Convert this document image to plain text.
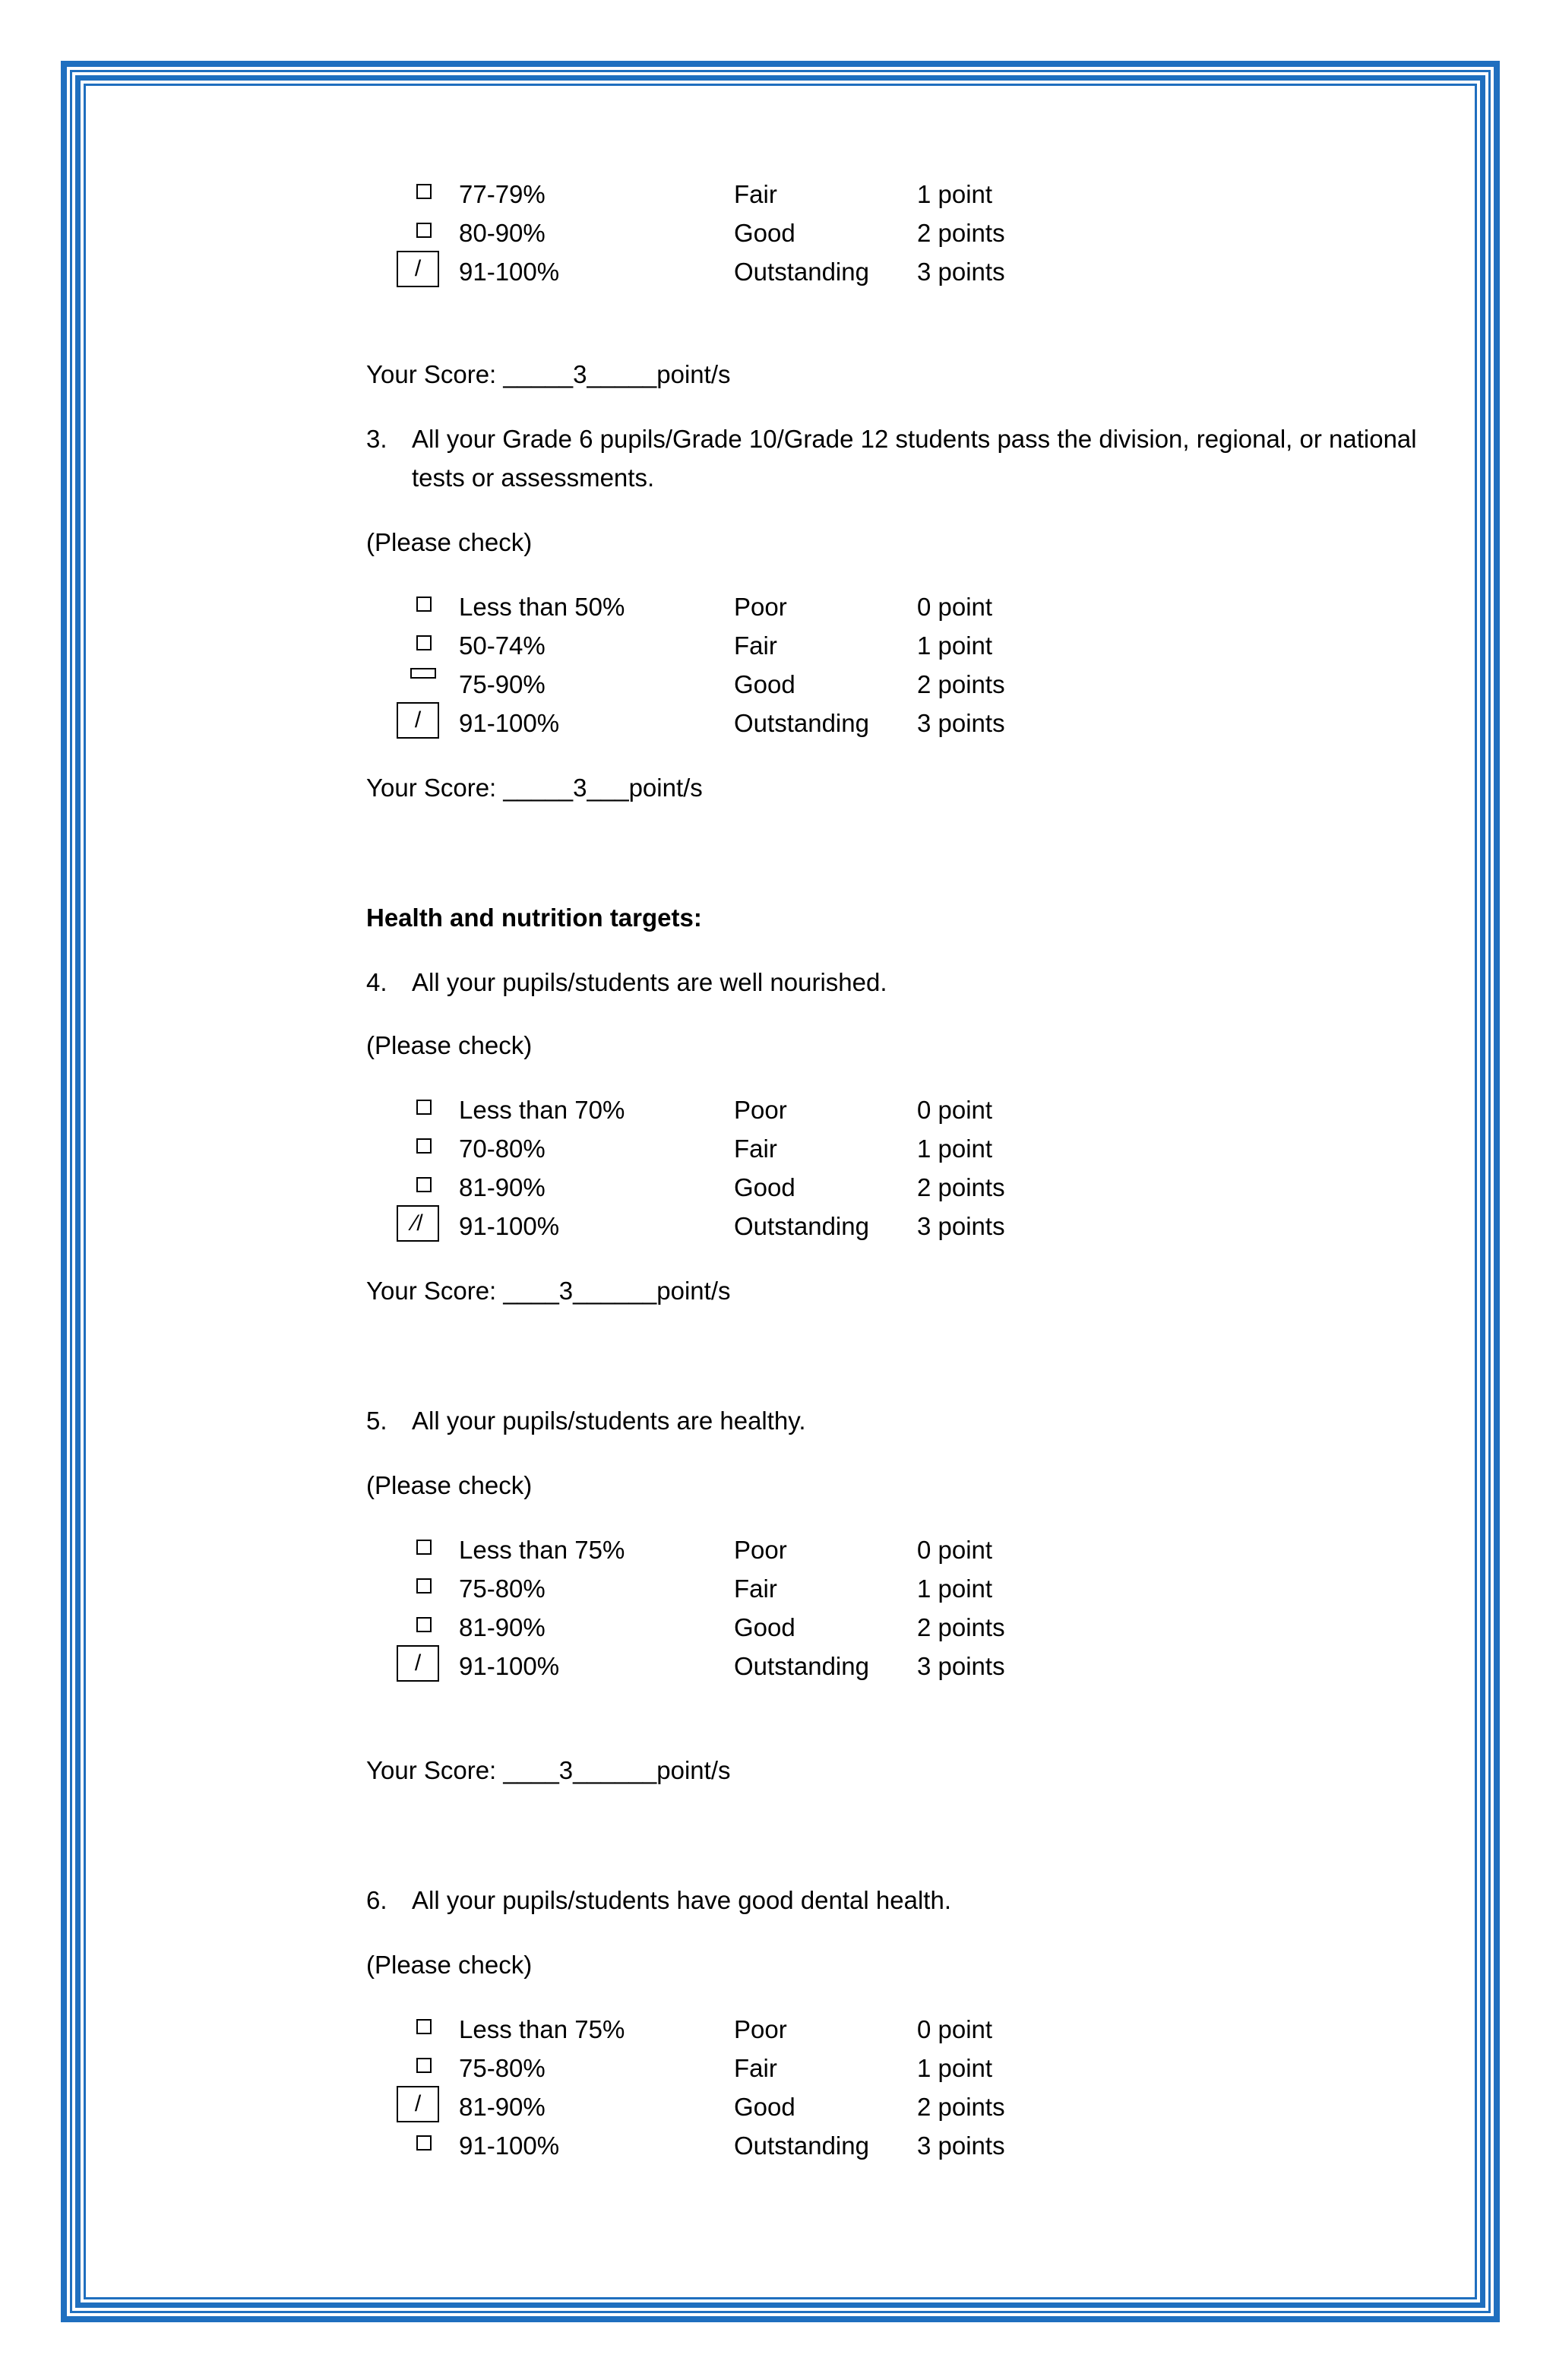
77-79%	Fair	1 point
80-90%	Good	2 points
/	91-100%	Outstanding 3 points

Your Score: _____3_____point/s

3. All your Grade 6 pupils/Grade 10/Grade 12 students pass the division, regional, or national
tests or assessments.

(Please check)

Less than 50%	Poor	0 point
50-74%	Fair	1 point
75-90%	Good	2 points
/	91-100%	Outstanding 3 points

Your Score: _____3___point/s

Health and nutrition targets:

4. All your pupils/students are well nourished.

(Please check)

Less than 70%	Poor	0 point
70-80%	Fair	1 point
81-90%	Good	2 points
⁄/	91-100%	Outstanding 3 points

Your Score: ____3______point/s

5. All your pupils/students are healthy.

(Please check)

Less than 75%	Poor	0 point
75-80%	Fair	1 point
81-90%	Good	2 points
/	91-100%	Outstanding 3 points

Your Score: ____3______point/s

6. All your pupils/students have good dental health.

(Please check)

Less than 75%	Poor	0 point
75-80%	Fair	1 point
/	81-90%	Good	2 points
91-100%	Outstanding 3 points
